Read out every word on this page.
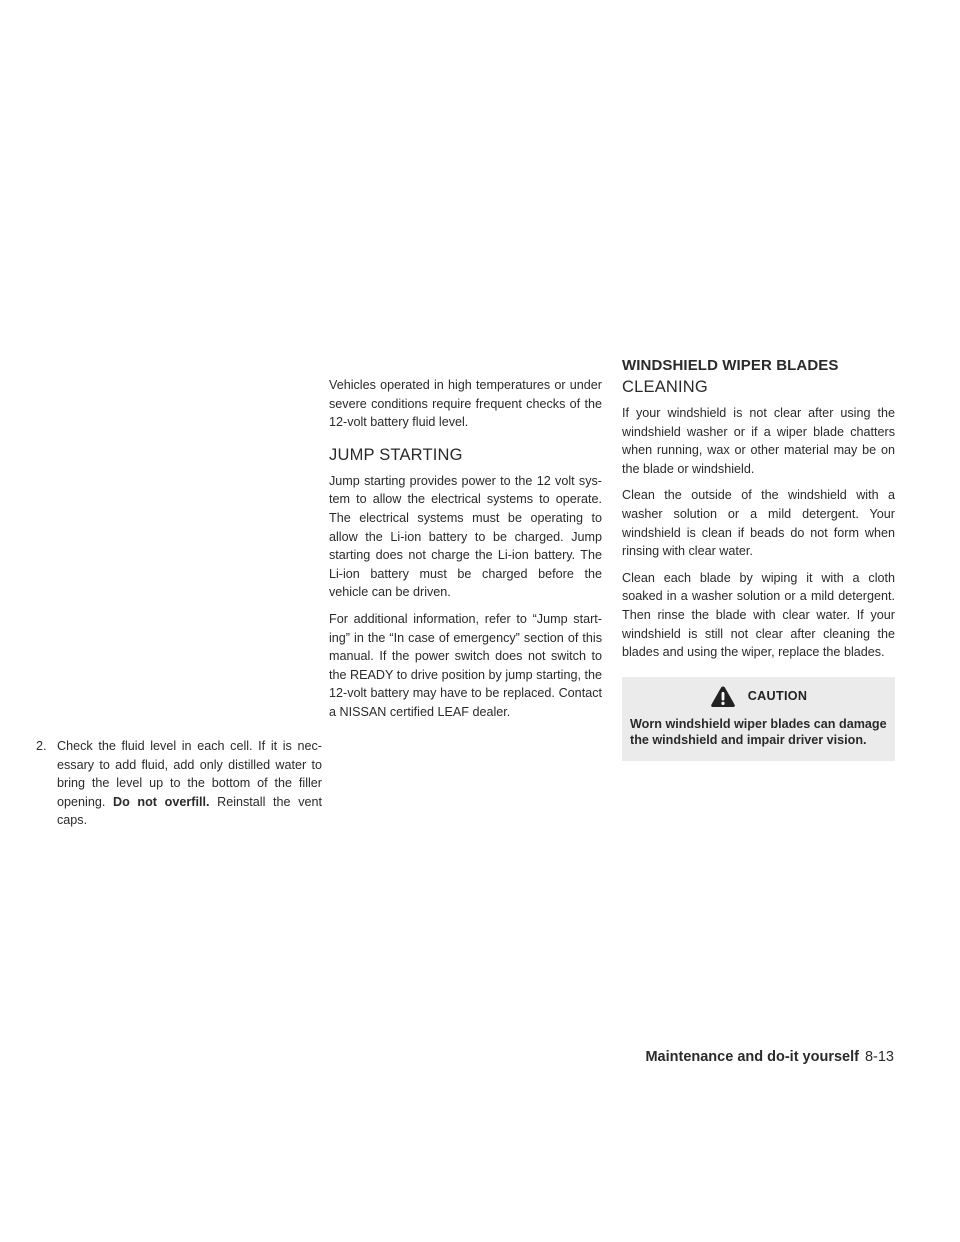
2. Check the fluid level in each cell. If it is necessary to add fluid, add only distilled water to bring the level up to the bottom of the filler opening. Do not overfill. Reinstall the vent caps.

Vehicles operated in high temperatures or under severe conditions require frequent checks of the 12-volt battery fluid level.

JUMP STARTING

Jump starting provides power to the 12 volt system to allow the electrical systems to operate. The electrical systems must be operating to allow the Li-ion battery to be charged. Jump starting does not charge the Li-ion battery. The Li-ion battery must be charged before the vehicle can be driven.

For additional information, refer to “Jump starting” in the “In case of emergency” section of this manual. If the power switch does not switch to the READY to drive position by jump starting, the 12-volt battery may have to be replaced. Contact a NISSAN certified LEAF dealer.

WINDSHIELD WIPER BLADES
CLEANING

If your windshield is not clear after using the windshield washer or if a wiper blade chatters when running, wax or other material may be on the blade or windshield.

Clean the outside of the windshield with a washer solution or a mild detergent. Your windshield is clean if beads do not form when rinsing with clear water.

Clean each blade by wiping it with a cloth soaked in a washer solution or a mild detergent. Then rinse the blade with clear water. If your windshield is still not clear after cleaning the blades and using the wiper, replace the blades.

CAUTION

Worn windshield wiper blades can damage the windshield and impair driver vision.

Maintenance and do-it yourself 8-13
